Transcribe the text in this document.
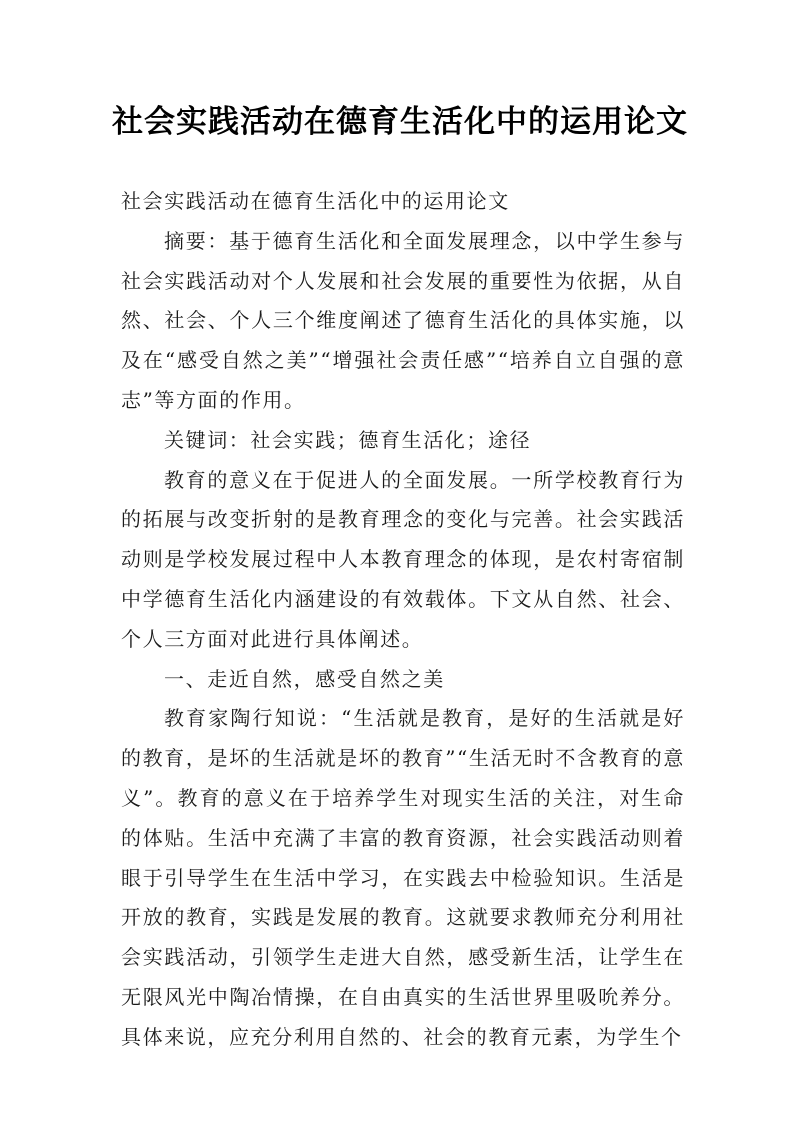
社会实践活动在德育生活化中的运用论文

社会实践活动在德育生活化中的运用论文

摘要：基于德育生活化和全面发展理念，以中学生参与社会实践活动对个人发展和社会发展的重要性为依据，从自然、社会、个人三个维度阐述了德育生活化的具体实施，以及在“感受自然之美”“增强社会责任感”“培养自立自强的意志”等方面的作用。

关键词：社会实践；德育生活化；途径

教育的意义在于促进人的全面发展。一所学校教育行为的拓展与改变折射的是教育理念的变化与完善。社会实践活动则是学校发展过程中人本教育理念的体现，是农村寄宿制中学德育生活化内涵建设的有效载体。下文从自然、社会、个人三方面对此进行具体阐述。

一、走近自然，感受自然之美

教育家陶行知说：“生活就是教育，是好的生活就是好的教育，是坏的生活就是坏的教育”“生活无时不含教育的意义”。教育的意义在于培养学生对现实生活的关注，对生命的体贴。生活中充满了丰富的教育资源，社会实践活动则着眼于引导学生在生活中学习，在实践去中检验知识。生活是开放的教育，实践是发展的教育。这就要求教师充分利用社会实践活动，引领学生走进大自然，感受新生活，让学生在无限风光中陶冶情操，在自由真实的生活世界里吸吮养分。具体来说，应充分利用自然的、社会的教育元素，为学生个
